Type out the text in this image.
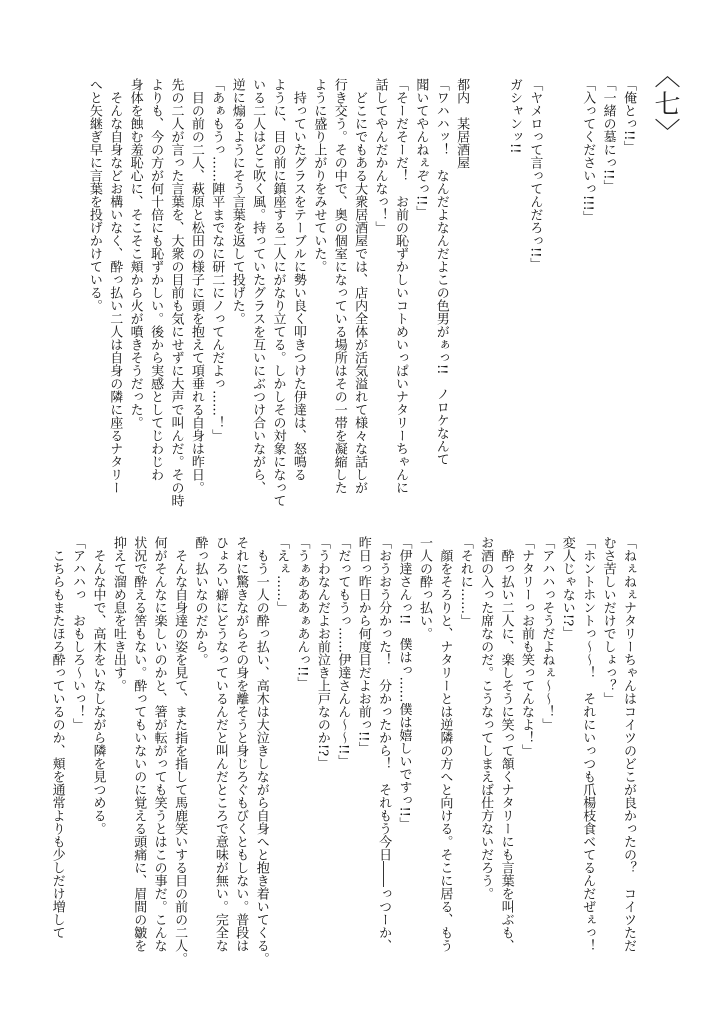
〈七〉

「俺とっ!!」

「一緒の墓にっ!!」

「入ってくださいっ!!!」

「ヤメロって言ってんだろっ!!」

ガシャンッ!!

都内　某居酒屋

「ワハハッ！　なんだよなんだよこの色男がぁっ!!　ノロケなんて

聞いてやんねぇぞっ!!」

「そーだそーだ！　お前の恥ずかしいコトめいっぱいナタリーちゃんに

話してやんだかんなっ！」

　どこにでもある大衆居酒屋では、店内全体が活気溢れて様々な話しが

行き交う。その中で、奥の個室になっている場所はその一帯を凝縮した

ように盛り上がりをみせていた。

　持っていたグラスをテーブルに勢い良く叩きつけた伊達は、怒鳴る

ように、目の前に鎮座する二人にがなり立てる。しかしその対象になって

いる二人はどこ吹く風。持っていたグラスを互いにぶつけ合いながら、

逆に煽るようにそう言葉を返して投げた。

「あぁもうっ……陣平までなに研二にノってんだよっ……！」

　目の前の二人、萩原と松田の様子に頭を抱えて項垂れる自身は昨日。

先の二人が言った言葉を、大衆の目前も気にせずに大声で叫んだ。その時

よりも、今の方が何十倍にも恥ずかしい。後から実感としてじわじわ

身体を蝕む羞恥心に、そこそこ頬から火が噴きそうだった。

　そんな自身などお構いなく、酔っ払い二人は自身の隣に座るナタリー

へと矢継ぎ早に言葉を投げかけている。

「ねぇねぇナタリーちゃんはコイツのどこが良かったの？　コイツただ

むさ苦しいだけでしょっ？」

「ホントホントっ～～！　それにいっつも爪楊枝食べてるんだぜぇっ！

変人じゃない!?」

「アハハっそうだよねぇ～～！」

「ナタリーっお前も笑ってんなよ！」

　酔っ払い二人に、楽しそうに笑って頷くナタリーにも言葉を叫ぶも、

お酒の入った席なのだ。こうなってしまえば仕方ないだろう。

「それに……」

　顔をそろりと、ナタリーとは逆隣の方へと向ける。そこに居る、もう

一人の酔っ払い。

「伊達さんっ!!　僕はっ……僕は嬉しいですっ!!」

「おうおう分かった！　分かったから！　それもう今日――っつーか、

昨日っ昨日から何度目だよお前っ!!」

「だってもうっ……伊達さんん～～!!」

「うわなんだよお前泣き上戸なのか!?」

「うぁあああぁあんっ!!」

「えぇ……」

　もう一人の酔っ払い、高木は大泣きしながら自身へと抱き着いてくる。

それに驚きながらその身を離そうと身じろぐもびくともしない。普段は

ひょろい癖にどうなっているんだと叫んだところで意味が無い。完全な

酔っ払いなのだから。

　そんな自身達の姿を見て、また指を指して馬鹿笑いする目の前の二人。

何がそんなに楽しいのかと、箸が転がっても笑うとはこの事だ。こんな

状況で酔える筈もない。酔ってもいないのに覚える頭痛に、眉間の皺を

抑えて溜め息を吐き出す。

　そんな中で、高木をいなしながら隣を見つめる。

「アハハっ　おもしろ～いっ！」

　こちらもまたほろ酔っているのか、頬を通常よりも少しだけ増して
